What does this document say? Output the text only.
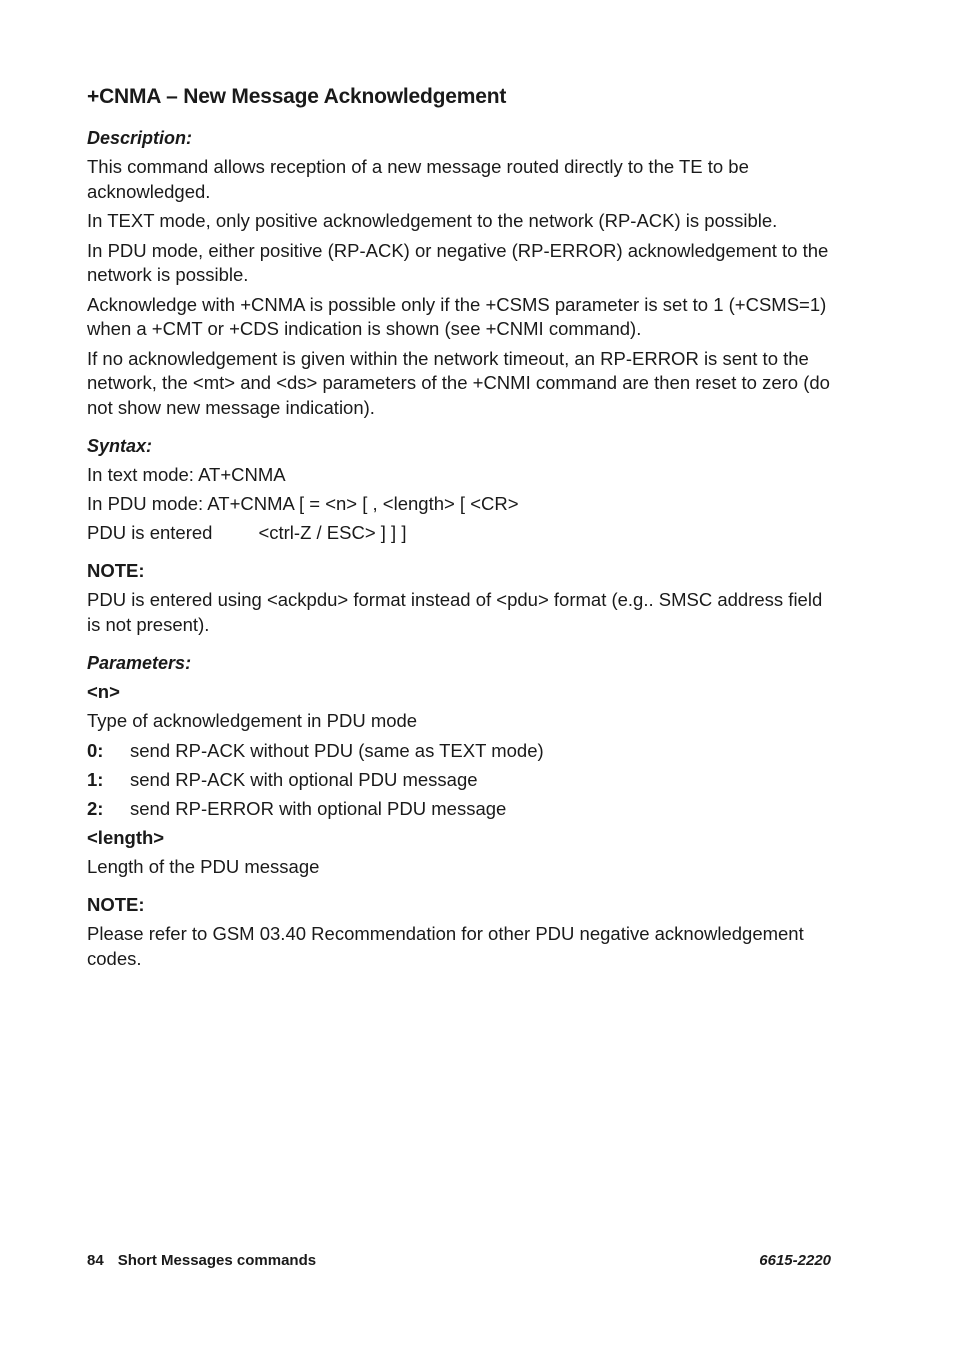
+CNMA – New Message Acknowledgement
Description:

This command allows reception of a new message routed directly to the TE to be acknowledged.

In TEXT mode, only positive acknowledgement to the network (RP-ACK) is possible.

In PDU mode, either positive (RP-ACK) or negative (RP-ERROR) acknowledgement to the network is possible.

Acknowledge with +CNMA is possible only if the +CSMS parameter is set to 1 (+CSMS=1) when a +CMT or +CDS indication is shown (see +CNMI command).

If no acknowledgement is given within the network timeout, an RP-ERROR is sent to the network, the <mt> and <ds> parameters of the +CNMI command are then reset to zero (do not show new message indication).

Syntax:
In text mode: AT+CNMA
In PDU mode: AT+CNMA [ = <n> [ , <length> [ <CR>
PDU is entered <ctrl-Z / ESC> ] ] ]
NOTE:

PDU is entered using <ackpdu> format instead of <pdu> format (e.g.. SMSC address field is not present).

Parameters:
<n>

Type of acknowledgement in PDU mode

0:	send RP-ACK without PDU (same as TEXT mode)
1:	send RP-ACK with optional PDU message
2:	send RP-ERROR with optional PDU message
<length>

Length of the PDU message

NOTE:

Please refer to GSM 03.40 Recommendation for other PDU negative acknowledgement codes.

84 Short Messages commands	6615-2220
